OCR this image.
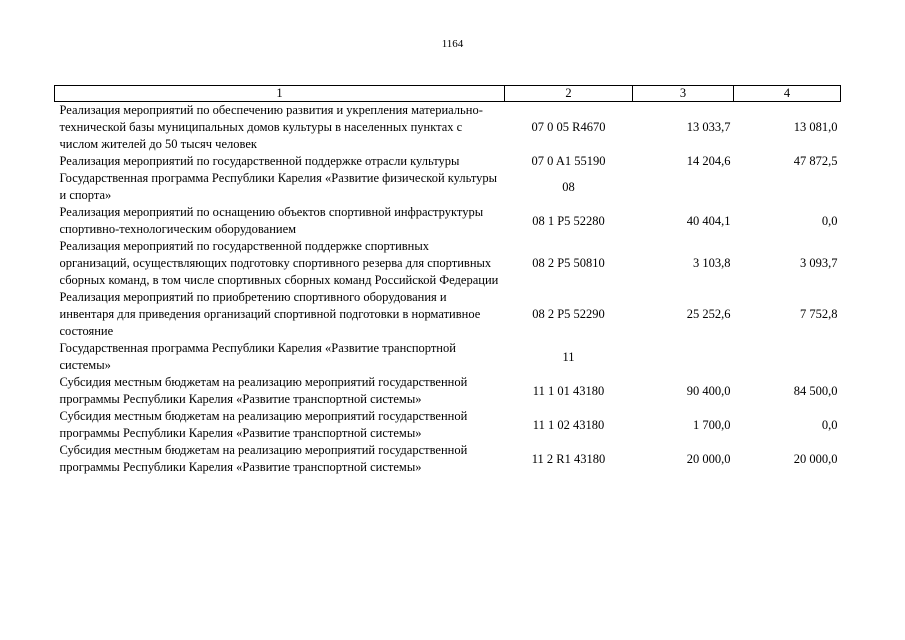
1164
1	2	3	4
Реализация мероприятий по обеспечению развития и укрепления материально-технической базы муниципальных домов культуры в населенных пунктах с числом жителей до 50 тысяч человек	07 0 05 R4670	13 033,7	13 081,0
Реализация мероприятий по государственной поддержке отрасли культуры	07 0 A1 55190	14 204,6	47 872,5
Государственная программа Республики Карелия «Развитие физической культуры и спорта»	08		
Реализация мероприятий по оснащению объектов спортивной инфраструктуры спортивно-технологическим оборудованием	08 1 P5 52280	40 404,1	0,0
Реализация мероприятий по государственной поддержке спортивных организаций, осуществляющих подготовку спортивного резерва для спортивных сборных команд, в том числе спортивных сборных команд Российской Федерации	08 2 P5 50810	3 103,8	3 093,7
Реализация мероприятий по приобретению спортивного оборудования и инвентаря для приведения организаций спортивной подготовки в нормативное состояние	08 2 P5 52290	25 252,6	7 752,8
Государственная программа Республики Карелия «Развитие транспортной системы»	11		
Субсидия местным бюджетам на реализацию мероприятий государственной программы Республики Карелия «Развитие транспортной системы»	11 1 01 43180	90 400,0	84 500,0
Субсидия местным бюджетам на реализацию мероприятий государственной программы Республики Карелия «Развитие транспортной системы»	11 1 02 43180	1 700,0	0,0
Субсидия местным бюджетам на реализацию мероприятий государственной программы Республики Карелия «Развитие транспортной системы»	11 2 R1 43180	20 000,0	20 000,0
